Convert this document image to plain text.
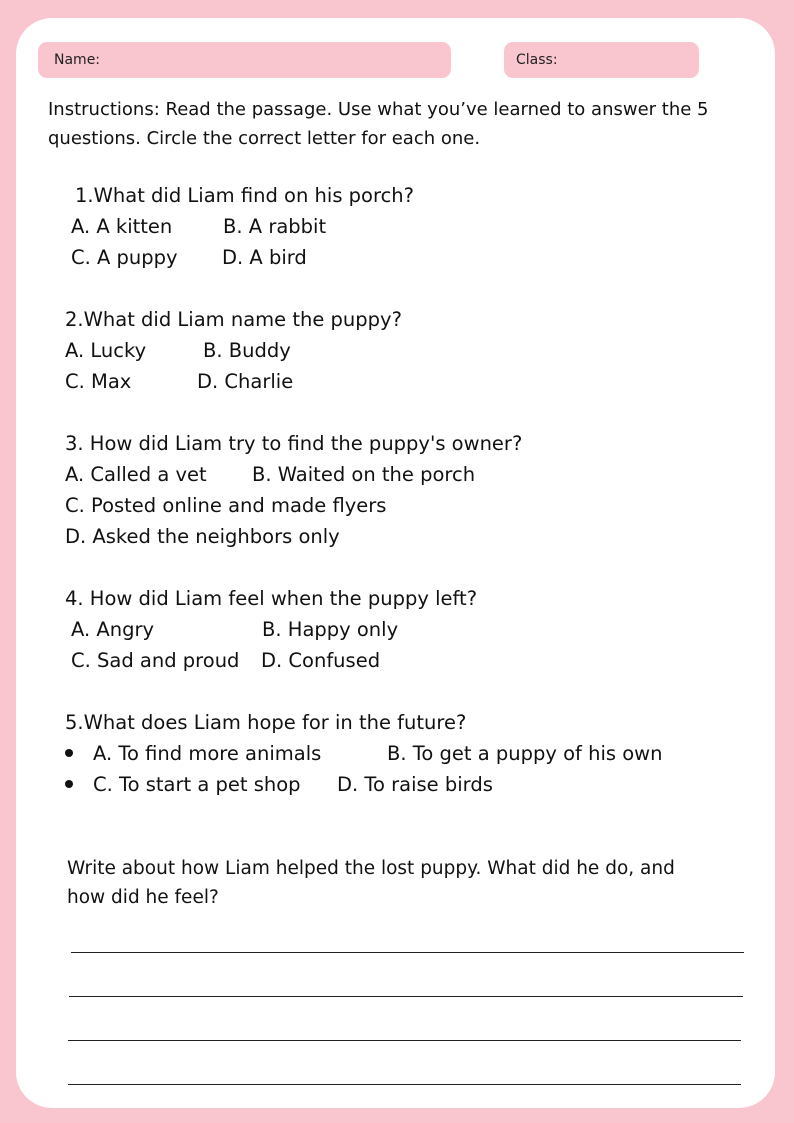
Name:	Class:
Instructions: Read the passage. Use what you’ve learned to answer the 5 questions. Circle the correct letter for each one.
1.What did Liam find on his porch?
A. A kitten	B. A rabbit
C. A puppy D. A bird
2.What did Liam name the puppy?
A. Lucky	B. Buddy
C. Max	D. Charlie
3. How did Liam try to find the puppy's owner?
A. Called a vet B. Waited on the porch
C. Posted online and made flyers
D. Asked the neighbors only
4. How did Liam feel when the puppy left?
A. Angry	B. Happy only
C. Sad and proud D. Confused
5.What does Liam hope for in the future?
A. To find more animals	B. To get a puppy of his own
C. To start a pet shop D. To raise birds
Write about how Liam helped the lost puppy. What did he do, and how did he feel?
